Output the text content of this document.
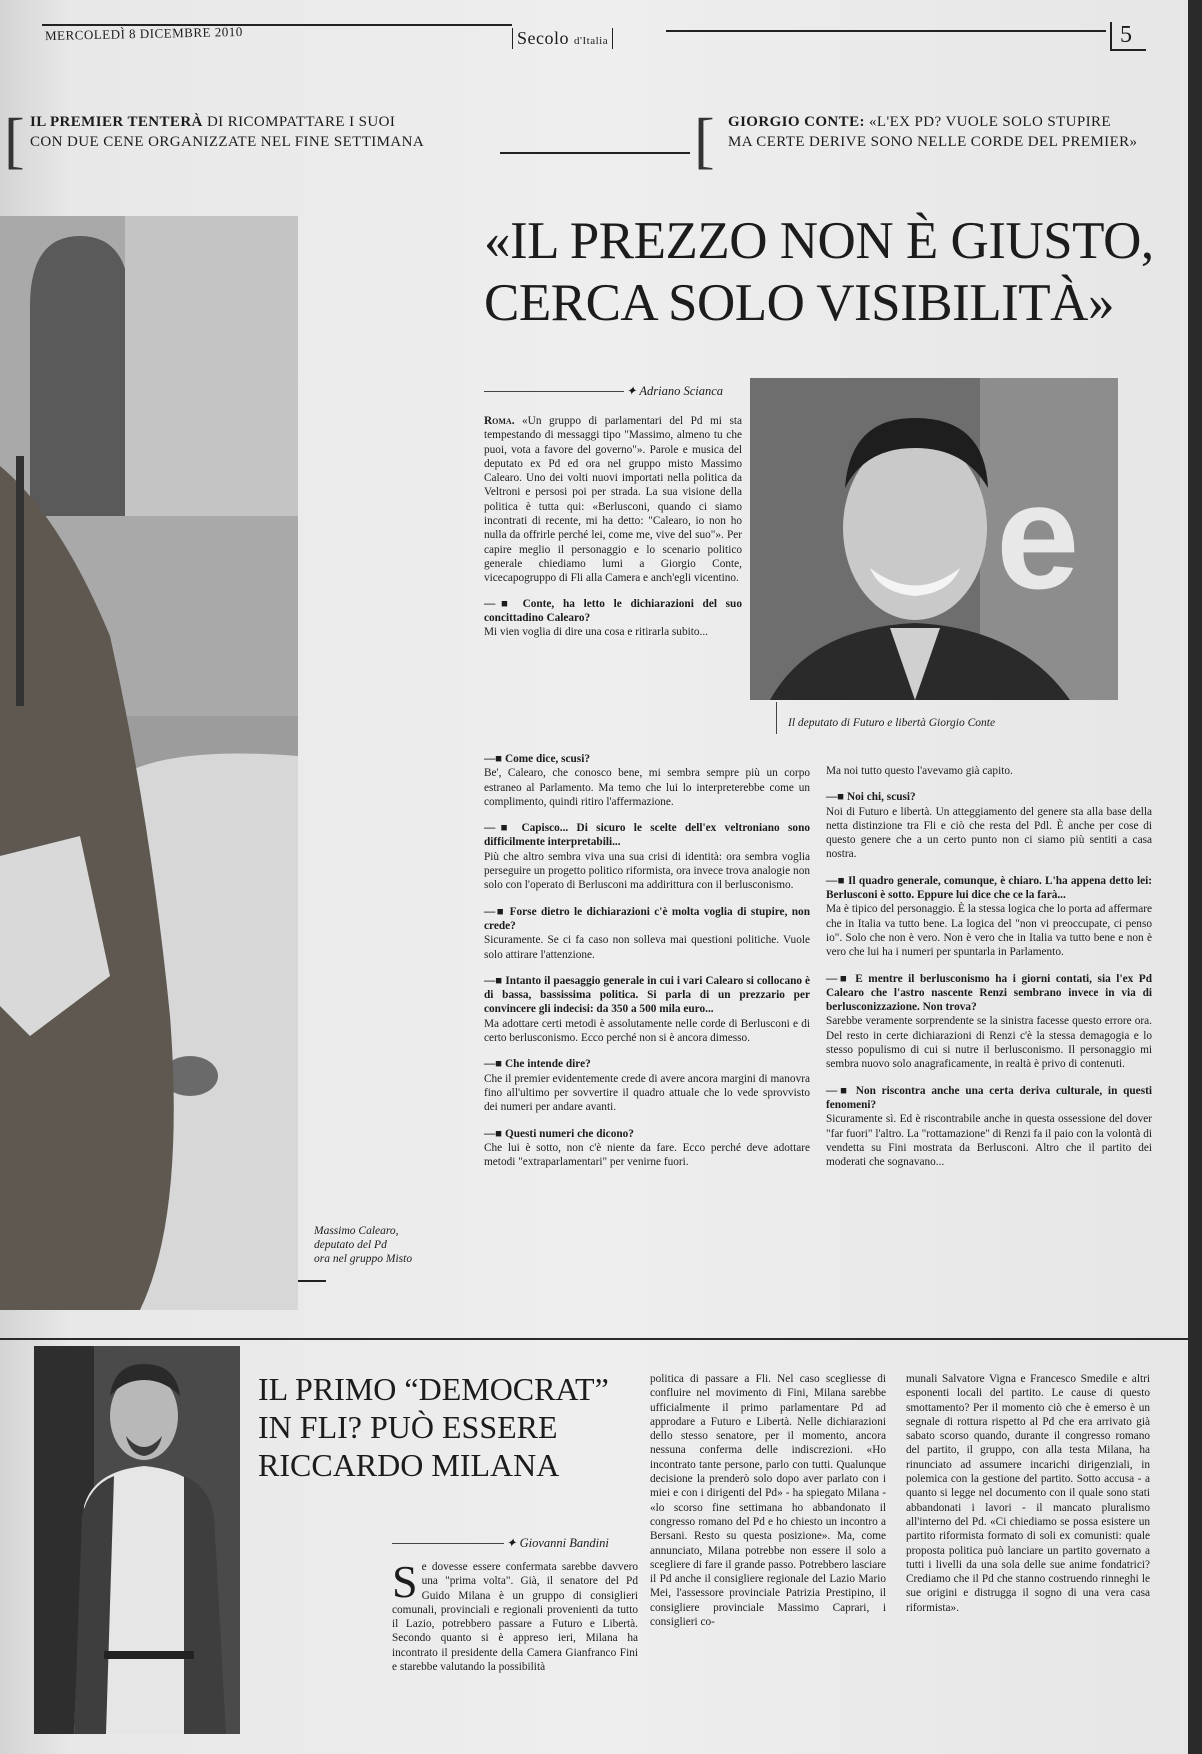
MERCOLEDÌ 8 DICEMBRE 2010	Secolo d'Italia	5
[ IL PREMIER TENTERÀ DI RICOMPATTARE I SUOI
CON DUE CENE ORGANIZZATE NEL FINE SETTIMANA	[ GIORGIO CONTE: «L'EX PD? VUOLE SOLO STUPIRE
MA CERTE DERIVE SONO NELLE CORDE DEL PREMIER»
«IL PREZZO NON È GIUSTO,
CERCA SOLO VISIBILITÀ»
Massimo Calearo,
deputato del Pd
ora nel gruppo Misto
✦ Adriano Scianca
e
Il deputato di Futuro e libertà Giorgio Conte

Roma. «Un gruppo di parlamentari del Pd mi sta tempestando di messaggi tipo "Massimo, almeno tu che puoi, vota a favore del governo"». Parole e musica del deputato ex Pd ed ora nel gruppo misto Massimo Calearo. Uno dei volti nuovi importati nella politica da Veltroni e persosi poi per strada. La sua visione della politica è tutta qui: «Berlusconi, quando ci siamo incontrati di recente, mi ha detto: "Calearo, io non ho nulla da offrirle perché lei, come me, vive del suo"». Per capire meglio il personaggio e lo scenario politico generale chiediamo lumi a Giorgio Conte, vicecapogruppo di Fli alla Camera e anch'egli vicentino.

—■ Conte, ha letto le dichiarazioni del suo concittadino Calearo?

Mi vien voglia di dire una cosa e ritirarla subito...

—■ Come dice, scusi?

Be', Calearo, che conosco bene, mi sembra sempre più un corpo estraneo al Parlamento. Ma temo che lui lo interpreterebbe come un complimento, quindi ritiro l'affermazione.

—■ Capisco... Di sicuro le scelte dell'ex veltroniano sono difficilmente interpretabili...

Più che altro sembra viva una sua crisi di identità: ora sembra voglia perseguire un progetto politico riformista, ora invece trova analogie non solo con l'operato di Berlusconi ma addirittura con il berlusconismo.

—■ Forse dietro le dichiarazioni c'è molta voglia di stupire, non crede?

Sicuramente. Se ci fa caso non solleva mai questioni politiche. Vuole solo attirare l'attenzione.

—■ Intanto il paesaggio generale in cui i vari Calearo si collocano è di bassa, bassissima politica. Si parla di un prezzario per convincere gli indecisi: da 350 a 500 mila euro...

Ma adottare certi metodi è assolutamente nelle corde di Berlusconi e di certo berlusconismo. Ecco perché non si è ancora dimesso.

—■ Che intende dire?

Che il premier evidentemente crede di avere ancora margini di manovra fino all'ultimo per sovvertire il quadro attuale che lo vede sprovvisto dei numeri per andare avanti.

—■ Questi numeri che dicono?

Che lui è sotto, non c'è niente da fare. Ecco perché deve adottare metodi "extraparlamentari" per venirne fuori.

Ma noi tutto questo l'avevamo già capito.

—■ Noi chi, scusi?

Noi di Futuro e libertà. Un atteggiamento del genere sta alla base della netta distinzione tra Fli e ciò che resta del Pdl. È anche per cose di questo genere che a un certo punto non ci siamo più sentiti a casa nostra.

—■ Il quadro generale, comunque, è chiaro. L'ha appena detto lei: Berlusconi è sotto. Eppure lui dice che ce la farà...

Ma è tipico del personaggio. È la stessa logica che lo porta ad affermare che in Italia va tutto bene. La logica del "non vi preoccupate, ci penso io". Solo che non è vero. Non è vero che in Italia va tutto bene e non è vero che lui ha i numeri per spuntarla in Parlamento.

—■ E mentre il berlusconismo ha i giorni contati, sia l'ex Pd Calearo che l'astro nascente Renzi sembrano invece in via di berlusconizzazione. Non trova?

Sarebbe veramente sorprendente se la sinistra facesse questo errore ora. Del resto in certe dichiarazioni di Renzi c'è la stessa demagogia e lo stesso populismo di cui si nutre il berlusconismo. Il personaggio mi sembra nuovo solo anagraficamente, in realtà è privo di contenuti.

—■ Non riscontra anche una certa deriva culturale, in questi fenomeni?

Sicuramente sì. Ed è riscontrabile anche in questa ossessione del dover "far fuori" l'altro. La "rottamazione" di Renzi fa il paio con la volontà di vendetta su Fini mostrata da Berlusconi. Altro che il partito dei moderati che sognavano...

IL PRIMO “DEMOCRAT”
IN FLI? PUÒ ESSERE
RICCARDO MILANA
✦ Giovanni Bandini

Se dovesse essere confermata sarebbe davvero una "prima volta". Già, il senatore del Pd Guido Milana è un gruppo di consiglieri comunali, provinciali e regionali provenienti da tutto il Lazio, potrebbero passare a Futuro e Libertà. Secondo quanto si è appreso ieri, Milana ha incontrato il presidente della Camera Gianfranco Fini e starebbe valutando la possibilità

politica di passare a Fli. Nel caso scegliesse di confluire nel movimento di Fini, Milana sarebbe ufficialmente il primo parlamentare Pd ad approdare a Futuro e Libertà. Nelle dichiarazioni dello stesso senatore, per il momento, ancora nessuna conferma delle indiscrezioni. «Ho incontrato tante persone, parlo con tutti. Qualunque decisione la prenderò solo dopo aver parlato con i miei e con i dirigenti del Pd» - ha spiegato Milana - «lo scorso fine settimana ho abbandonato il congresso romano del Pd e ho chiesto un incontro a Bersani. Resto su questa posizione». Ma, come annunciato, Milana potrebbe non essere il solo a scegliere di fare il grande passo. Potrebbero lasciare il Pd anche il consigliere regionale del Lazio Mario Mei, l'assessore provinciale Patrizia Prestipino, il consigliere provinciale Massimo Caprari, i consiglieri co-

munali Salvatore Vigna e Francesco Smedile e altri esponenti locali del partito. Le cause di questo smottamento? Per il momento ciò che è emerso è un segnale di rottura rispetto al Pd che era arrivato già sabato scorso quando, durante il congresso romano del partito, il gruppo, con alla testa Milana, ha rinunciato ad assumere incarichi dirigenziali, in polemica con la gestione del partito. Sotto accusa - a quanto si legge nel documento con il quale sono stati abbandonati i lavori - il mancato pluralismo all'interno del Pd. «Ci chiediamo se possa esistere un partito riformista formato di soli ex comunisti: quale proposta politica può lanciare un partito governato a tutti i livelli da una sola delle sue anime fondatrici? Crediamo che il Pd che stanno costruendo rinneghi le sue origini e distrugga il sogno di una vera casa riformista».
